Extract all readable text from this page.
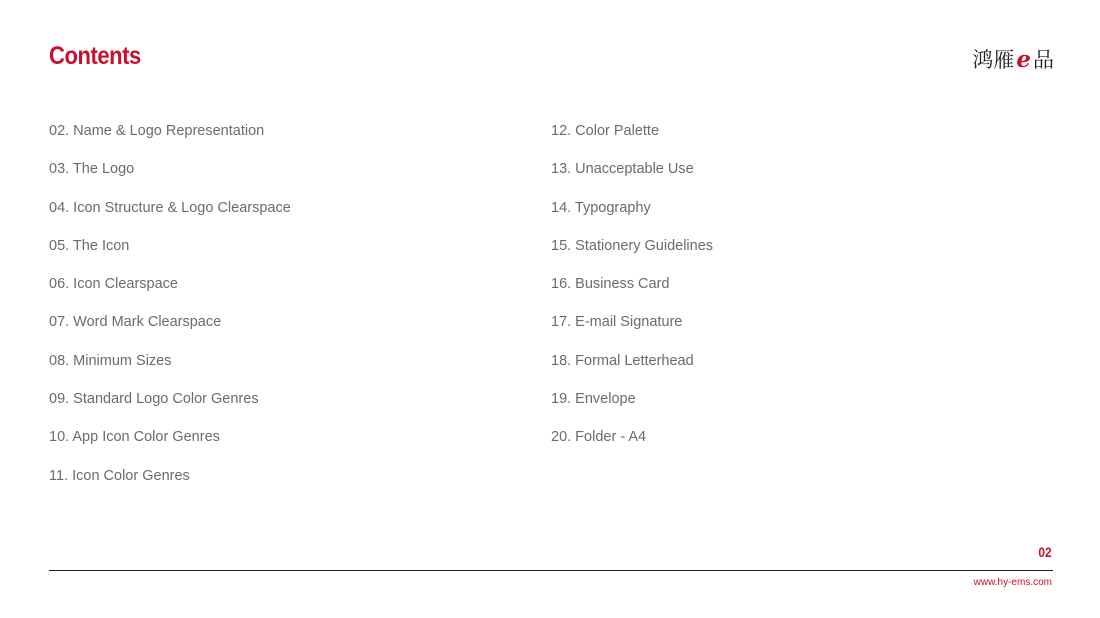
Contents	鸿雁 e 品
02. Name & Logo Representation
03. The Logo
04. Icon Structure & Logo Clearspace
05. The Icon
06. Icon Clearspace
07. Word Mark Clearspace
08. Minimum Sizes
09. Standard Logo Color Genres
10. App Icon Color Genres
11. Icon Color Genres
12. Color Palette
13. Unacceptable Use
14. Typography
15. Stationery Guidelines
16. Business Card
17. E-mail Signature
18. Formal Letterhead
19. Envelope
20. Folder - A4
02
www.hy-ems.com
